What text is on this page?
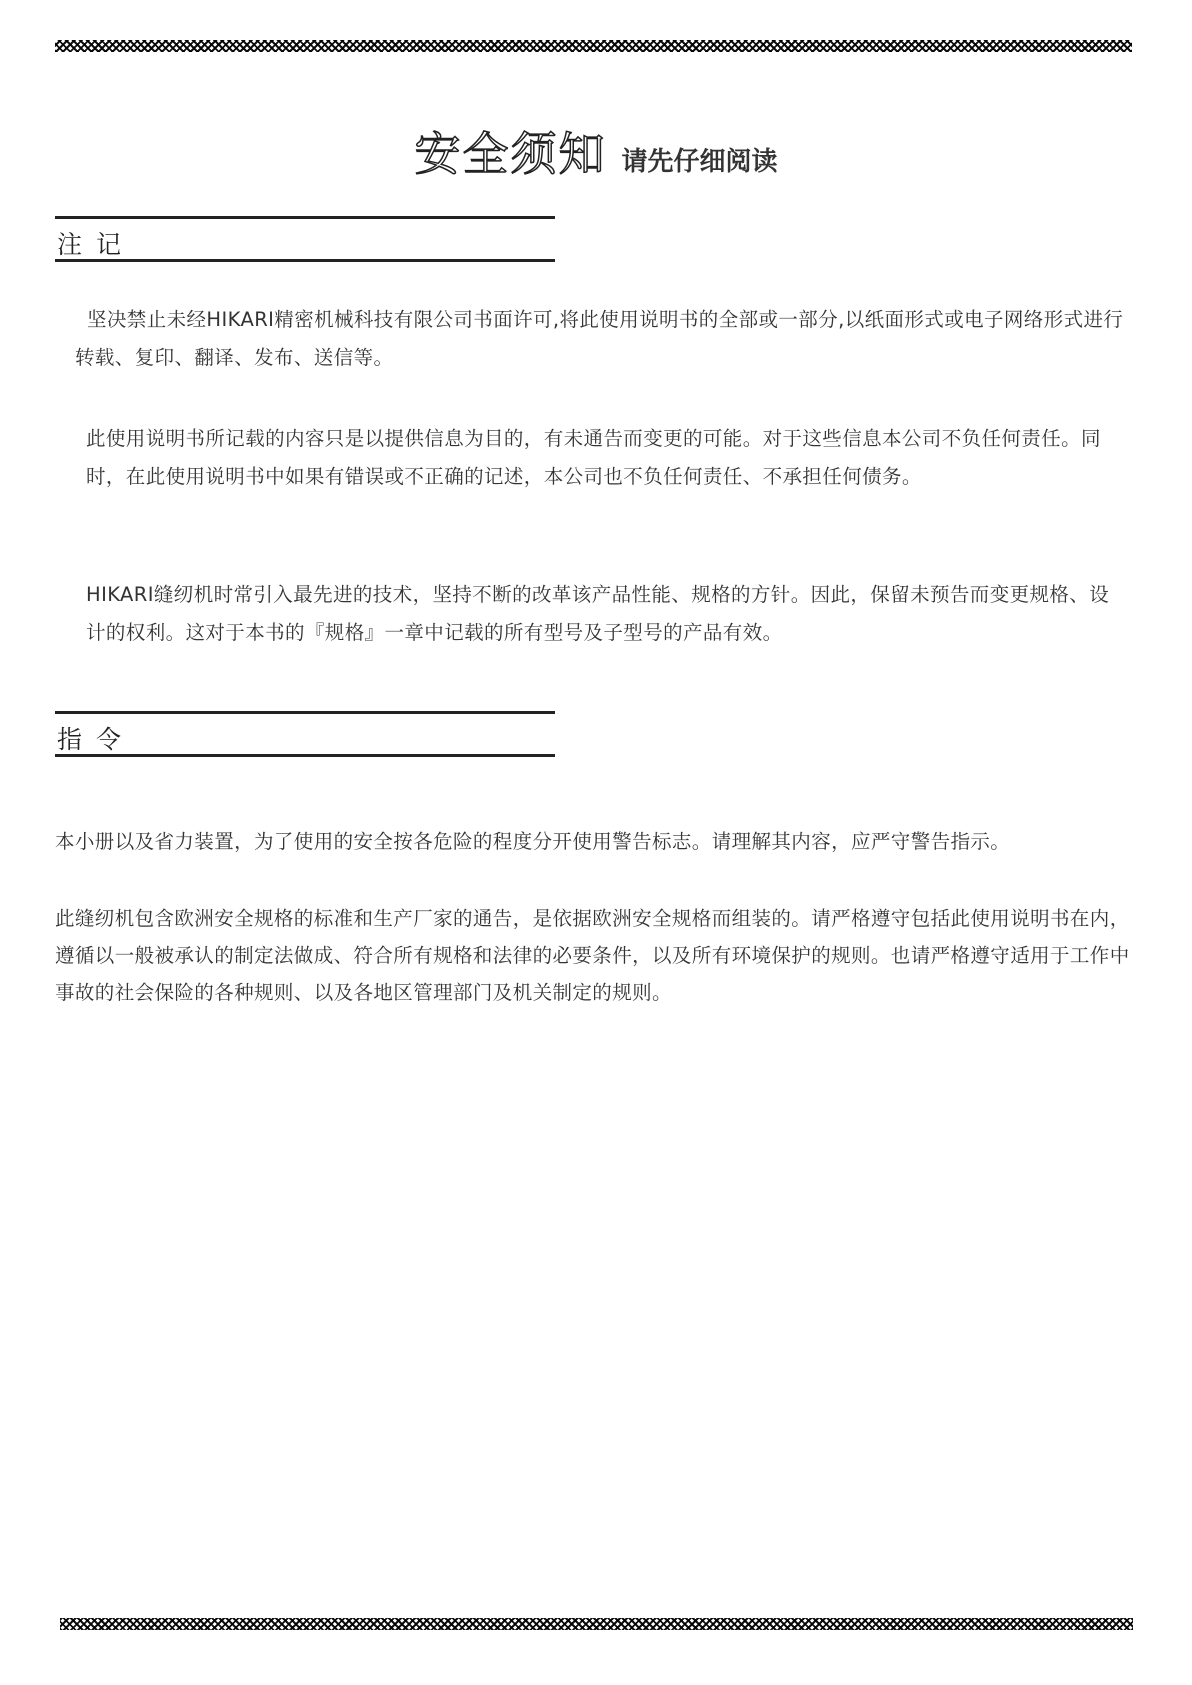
安全须知 请先仔细阅读
注记

坚决禁止未经HIKARI精密机械科技有限公司书面许可,将此使用说明书的全部或一部分,以纸面形式或电子网络形式进行转载、复印、翻译、发布、送信等。

此使用说明书所记载的内容只是以提供信息为目的，有未通告而变更的可能。对于这些信息本公司不负任何责任。同时，在此使用说明书中如果有错误或不正确的记述，本公司也不负任何责任、不承担任何债务。

HIKARI缝纫机时常引入最先进的技术，坚持不断的改革该产品性能、规格的方针。因此，保留未预告而变更规格、设计的权利。这对于本书的『规格』一章中记载的所有型号及子型号的产品有效。

指令

本小册以及省力装置，为了使用的安全按各危险的程度分开使用警告标志。请理解其内容，应严守警告指示。

此缝纫机包含欧洲安全规格的标准和生产厂家的通告，是依据欧洲安全规格而组装的。请严格遵守包括此使用说明书在内，遵循以一般被承认的制定法做成、符合所有规格和法律的必要条件，以及所有环境保护的规则。也请严格遵守适用于工作中事故的社会保险的各种规则、以及各地区管理部门及机关制定的规则。
